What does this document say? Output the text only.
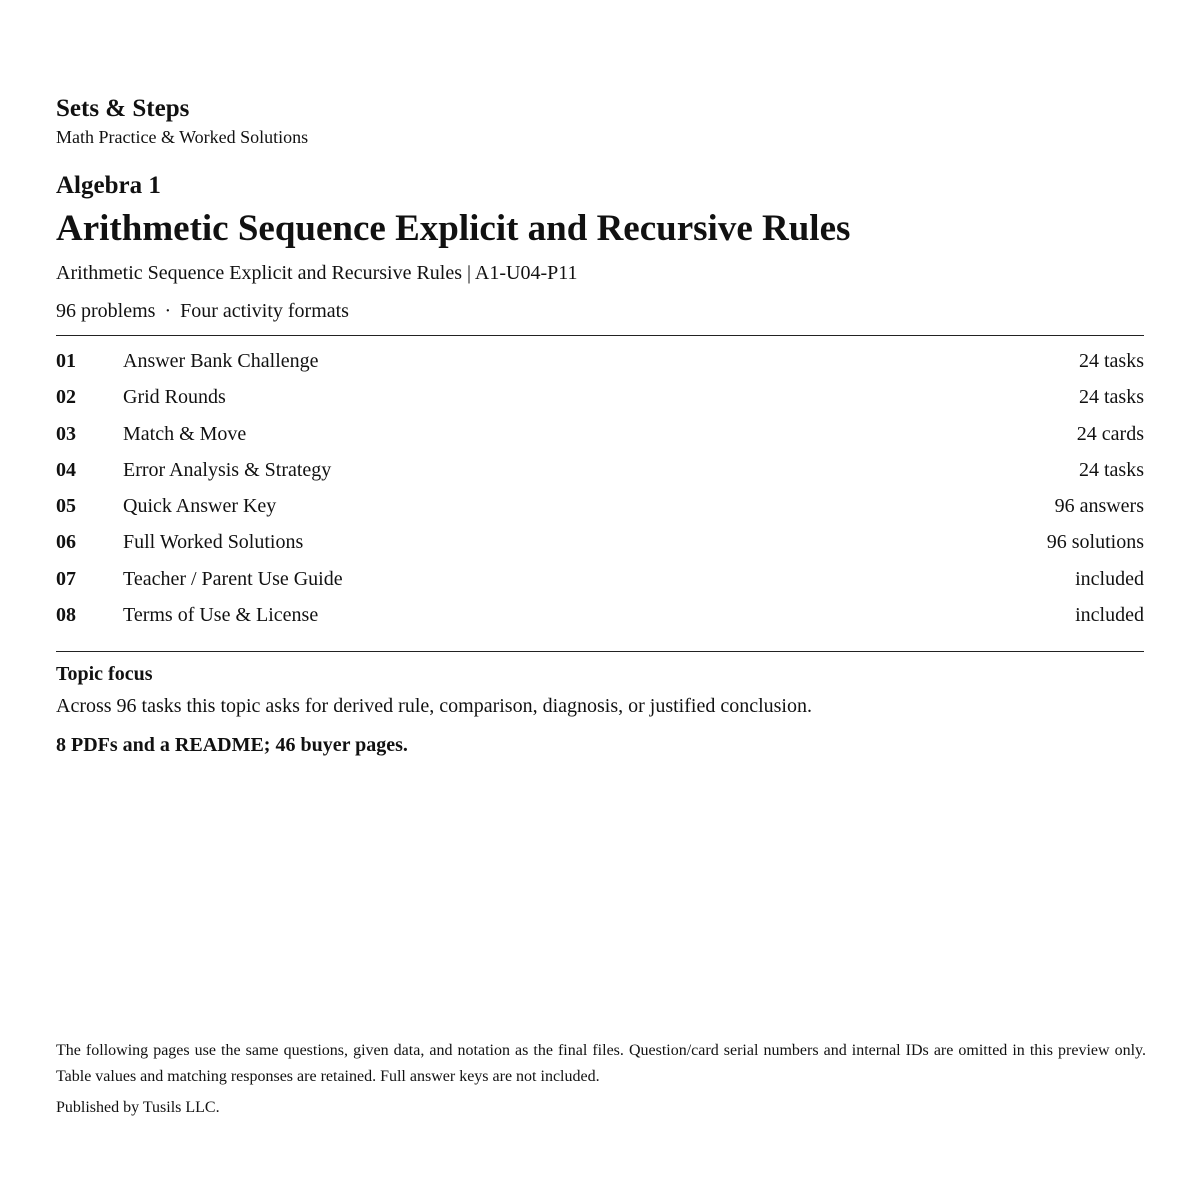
Sets & Steps
Math Practice & Worked Solutions
Algebra 1
Arithmetic Sequence Explicit and Recursive Rules
Arithmetic Sequence Explicit and Recursive Rules | A1-U04-P11
96 problems · Four activity formats
01 Answer Bank Challenge	24 tasks
02 Grid Rounds	24 tasks
03 Match & Move	24 cards
04 Error Analysis & Strategy	24 tasks
05 Quick Answer Key	96 answers
06 Full Worked Solutions	96 solutions
07 Teacher / Parent Use Guide	included
08 Terms of Use & License	included
Topic focus
Across 96 tasks this topic asks for derived rule, comparison, diagnosis, or justified conclusion.
8 PDFs and a README; 46 buyer pages.
The following pages use the same questions, given data, and notation as the final files. Question/card serial numbers and internal IDs are omitted in this preview only. Table values and matching responses are retained. Full answer keys are not included.
Published by Tusils LLC.
